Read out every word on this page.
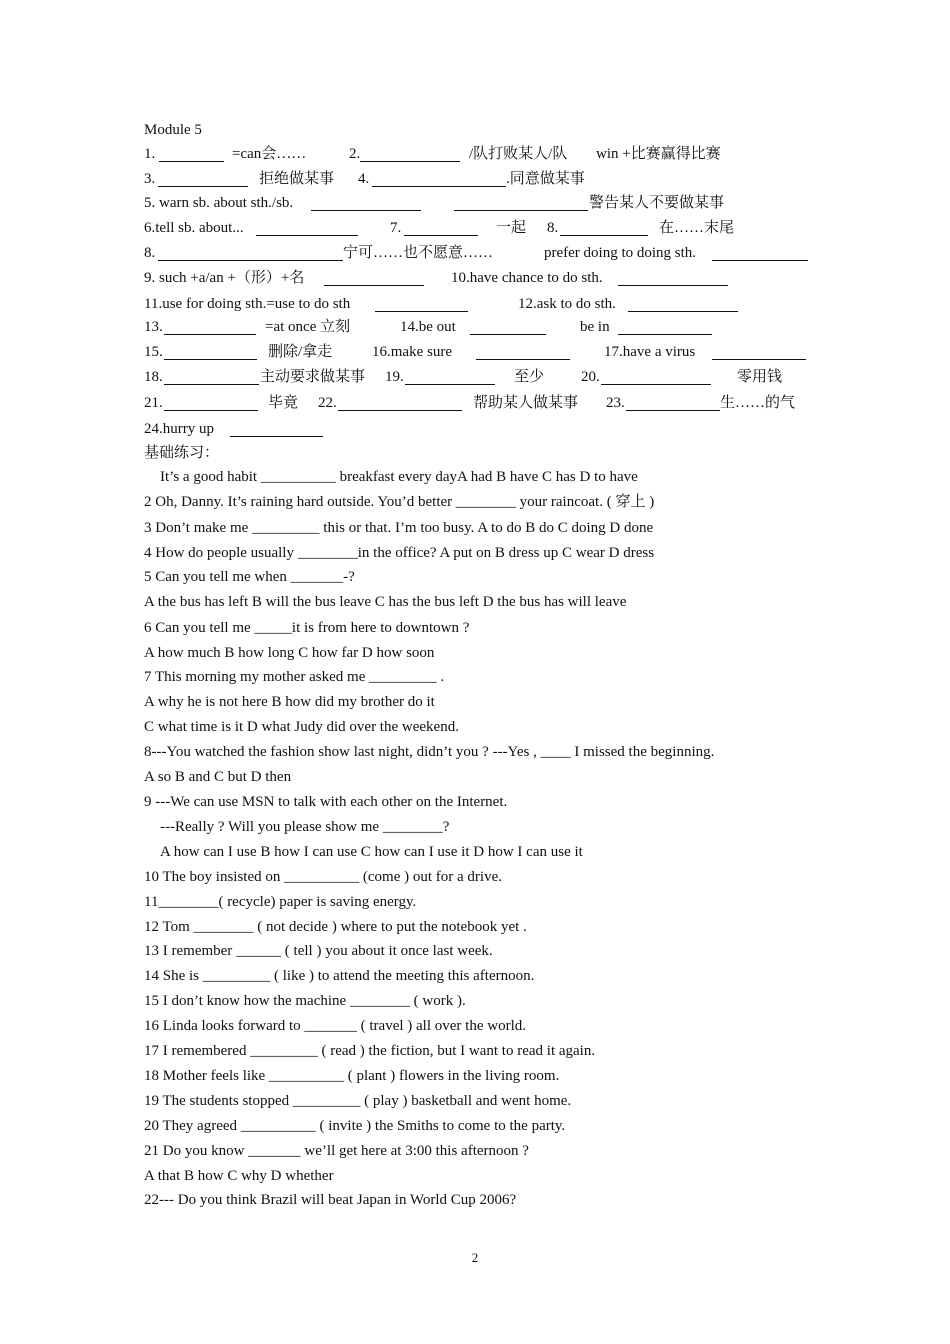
Module 5
1.	=can会……	2.	/队打败某人/队 win +比赛赢得比赛
3.	拒绝做某事 4.	.同意做某事
5. warn sb. about sth./sb.	警告某人不要做某事
6.tell sb. about...	7.	一起 8.	在……末尾
8.	宁可……也不愿意……	prefer doing to doing sth.
9. such +a/an +（形）+名	10.have chance to do sth.
11.use for doing sth.=use to do sth	12.ask to do sth.
13.	=at once 立刻	14.be out	be in
15.	删除/拿走	16.make sure	17.have a virus
18.	主动要求做某事 19.	至少 20.	零用钱
21.	毕竟 22.	帮助某人做某事 23.	生……的气
24.hurry up
基础练习：
It’s a good habit __________ breakfast every dayA had B have C has D to have
2 Oh, Danny. It’s raining hard outside. You’d better ________ your raincoat. ( 穿上 )
3 Don’t make me _________ this or that. I’m too busy. A to do B do C doing D done
4 How do people usually ________in the office? A put on B dress up C wear D dress
5 Can you tell me when _______-?
A the bus has left B will the bus leave C has the bus left D the bus has will leave
6 Can you tell me _____it is from here to downtown ?
A how much B how long C how far D how soon
7 This morning my mother asked me _________ .
A why he is not here B how did my brother do it
C what time is it D what Judy did over the weekend.
8---You watched the fashion show last night, didn’t you ? ---Yes , ____ I missed the beginning.
A so B and C but D then
9 ---We can use MSN to talk with each other on the Internet.
---Really ? Will you please show me ________?
A how can I use B how I can use C how can I use it D how I can use it
10 The boy insisted on __________ (come ) out for a drive.
11________( recycle) paper is saving energy.
12 Tom ________ ( not decide ) where to put the notebook yet .
13 I remember ______ ( tell ) you about it once last week.
14 She is _________ ( like ) to attend the meeting this afternoon.
15 I don’t know how the machine ________ ( work ).
16 Linda looks forward to _______ ( travel ) all over the world.
17 I remembered _________ ( read ) the fiction, but I want to read it again.
18 Mother feels like __________ ( plant ) flowers in the living room.
19 The students stopped _________ ( play ) basketball and went home.
20 They agreed __________ ( invite ) the Smiths to come to the party.
21 Do you know _______ we’ll get here at 3:00 this afternoon ?
A that B how C why D whether
22--- Do you think Brazil will beat Japan in World Cup 2006?
2
